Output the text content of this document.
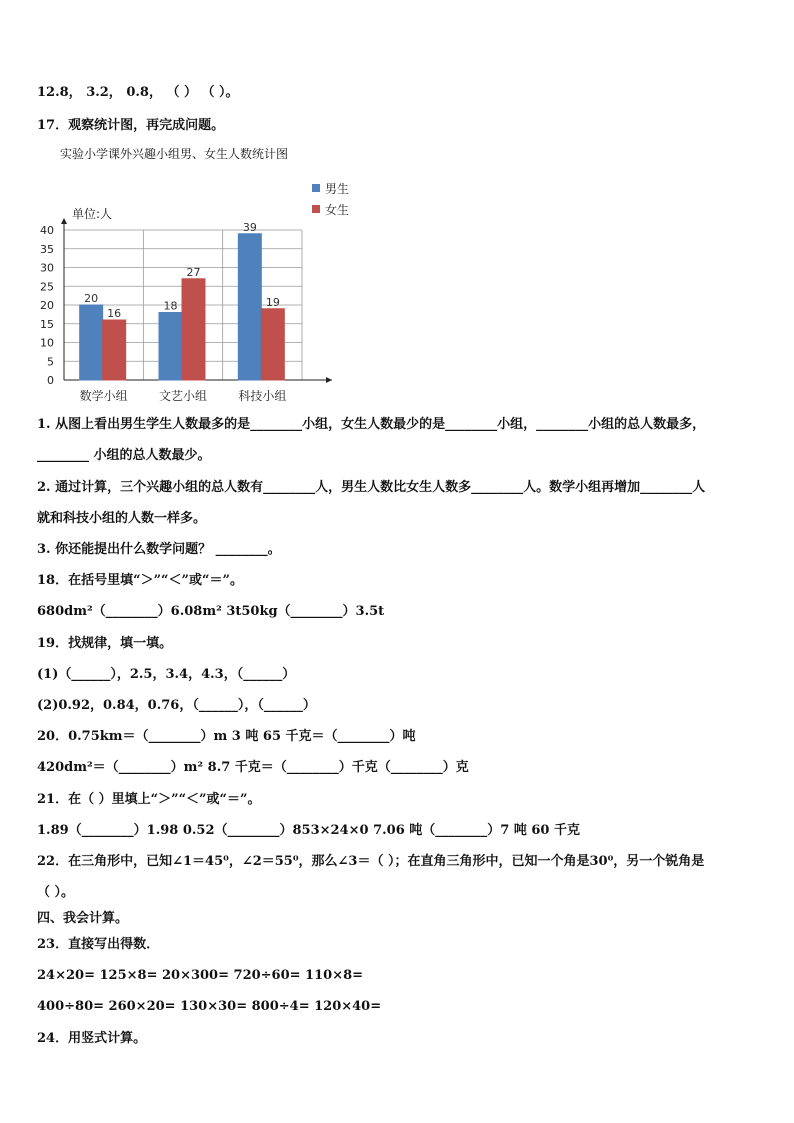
12.8， 3.2， 0.8， （ ） （ ）。
17．观察统计图，再完成问题。
1. 从图上看出男生学生人数最多的是________小组，女生人数最少的是________小组，________小组的总人数最多，
________ 小组的总人数最少。
2. 通过计算，三个兴趣小组的总人数有________人，男生人数比女生人数多________人。数学小组再增加________人
就和科技小组的人数一样多。
3. 你还能提出什么数学问题？ ________。
18．在括号里填“＞”“＜”或“＝”。
680dm²（________）6.08m² 3t50kg（________）3.5t
19．找规律，填一填。
(1)（______），2.5，3.4，4.3，（______）
(2)0.92，0.84，0.76，（______），（______）
20．0.75km＝（________）m 3 吨 65 千克＝（________）吨
420dm²＝（________）m² 8.7 千克＝（________）千克（________）克
21．在（ ）里填上“＞”“＜”或“＝”。
1.89（________）1.98 0.52（________）853×24×0 7.06 吨（________）7 吨 60 千克
22．在三角形中，已知∠1＝45⁰，∠2＝55⁰，那么∠3＝（ ）；在直角三角形中，已知一个角是30⁰，另一个锐角是
（ ）。
四、我会计算。
23．直接写出得数．
24×20= 125×8= 20×300= 720÷60= 110×8=
400÷80= 260×20= 130×30= 800÷4= 120×40=
24．用竖式计算。
实验小学课外兴趣小组男、女生人数统计图
0
5
10
15
20
25
30
35
40
单位:人
20
16
数学小组
18
27
文艺小组
39
19
科技小组
男生
女生
